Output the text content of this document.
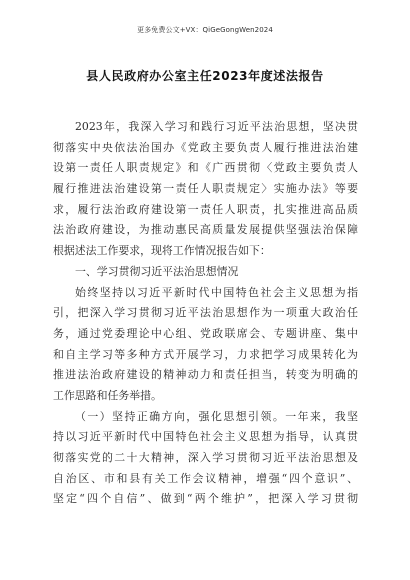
更多免费公文+VX：QiGeGongWen2024
县人民政府办公室主任2023年度述法报告
2023年，我深入学习和践行习近平法治思想，坚决贯
彻落实中央依法治国办《党政主要负责人履行推进法治建
设第一责任人职责规定》和《广西贯彻〈党政主要负责人
履行推进法治建设第一责任人职责规定〉实施办法》等要
求，履行法治政府建设第一责任人职责，扎实推进高品质
法治政府建设，为推动惠民高质量发展提供坚强法治保障
根据述法工作要求，现将工作情况报告如下：
一、学习贯彻习近平法治思想情况
始终坚持以习近平新时代中国特色社会主义思想为指
引，把深入学习贯彻习近平法治思想作为一项重大政治任
务，通过党委理论中心组、党政联席会、专题讲座、集中
和自主学习等多种方式开展学习，力求把学习成果转化为
推进法治政府建设的精神动力和责任担当，转变为明确的
工作思路和任务举措。
（一）坚持正确方向，强化思想引领。一年来，我坚
持以习近平新时代中国特色社会主义思想为指导，认真贯
彻落实党的二十大精神，深入学习贯彻习近平法治思想及
自治区、市和县有关工作会议精神，增强“四个意识”、
坚定“四个自信”、做到“两个维护”，把深入学习贯彻
